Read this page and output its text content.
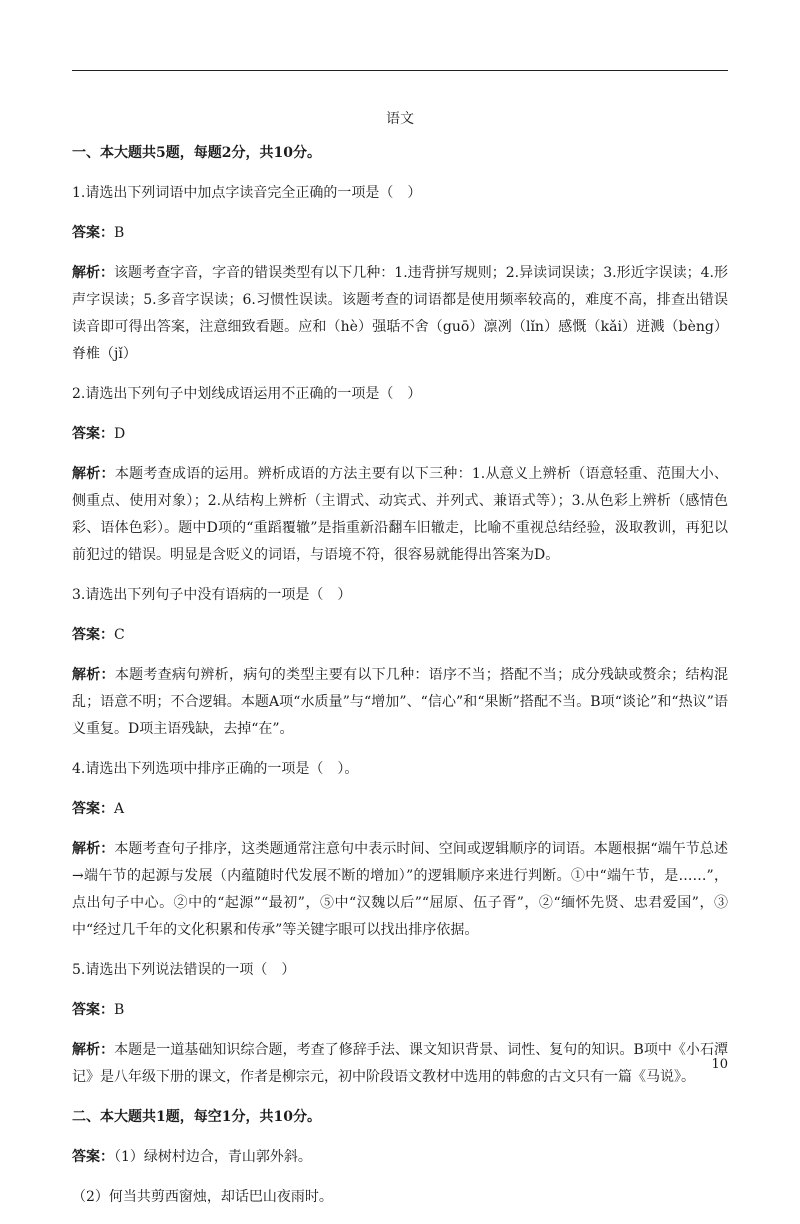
语文

一、本大题共5题，每题2分，共10分。

1.请选出下列词语中加点字读音完全正确的一项是（　）

答案：B

解析：该题考查字音，字音的错误类型有以下几种：1.违背拼写规则；2.异读词误读；3.形近字误读；4.形声字误读；5.多音字误读；6.习惯性误读。该题考查的词语都是使用频率较高的，难度不高，排查出错误读音即可得出答案，注意细致看题。应和（hè）强聒不舍（guō）凛冽（lǐn）感慨（kǎi）迸溅（bèng）脊椎（jǐ）

2.请选出下列句子中划线成语运用不正确的一项是（　）

答案：D

解析：本题考查成语的运用。辨析成语的方法主要有以下三种：1.从意义上辨析（语意轻重、范围大小、侧重点、使用对象）；2.从结构上辨析（主谓式、动宾式、并列式、兼语式等）；3.从色彩上辨析（感情色彩、语体色彩）。题中D项的“重蹈覆辙”是指重新沿翻车旧辙走，比喻不重视总结经验，汲取教训，再犯以前犯过的错误。明显是含贬义的词语，与语境不符，很容易就能得出答案为D。

3.请选出下列句子中没有语病的一项是（　）

答案：C

解析：本题考查病句辨析，病句的类型主要有以下几种：语序不当；搭配不当；成分残缺或赘余；结构混乱；语意不明；不合逻辑。本题A项“水质量”与“增加”、“信心”和“果断”搭配不当。B项“谈论”和“热议”语义重复。D项主语残缺，去掉“在”。

4.请选出下列选项中排序正确的一项是（　）。

答案：A

解析：本题考查句子排序，这类题通常注意句中表示时间、空间或逻辑顺序的词语。本题根据“端午节总述→端午节的起源与发展（内蕴随时代发展不断的增加）”的逻辑顺序来进行判断。①中“端午节，是……”，点出句子中心。②中的“起源”“最初”，⑤中“汉魏以后”“屈原、伍子胥”，②“缅怀先贤、忠君爱国”，③中“经过几千年的文化积累和传承”等关键字眼可以找出排序依据。

5.请选出下列说法错误的一项（　）

答案：B

解析：本题是一道基础知识综合题，考查了修辞手法、课文知识背景、词性、复句的知识。B项中《小石潭记》是八年级下册的课文，作者是柳宗元，初中阶段语文教材中选用的韩愈的古文只有一篇《马说》。

二、本大题共1题，每空1分，共10分。

答案：（1）绿树村边合，青山郭外斜。

（2）何当共剪西窗烛，却话巴山夜雨时。

10
